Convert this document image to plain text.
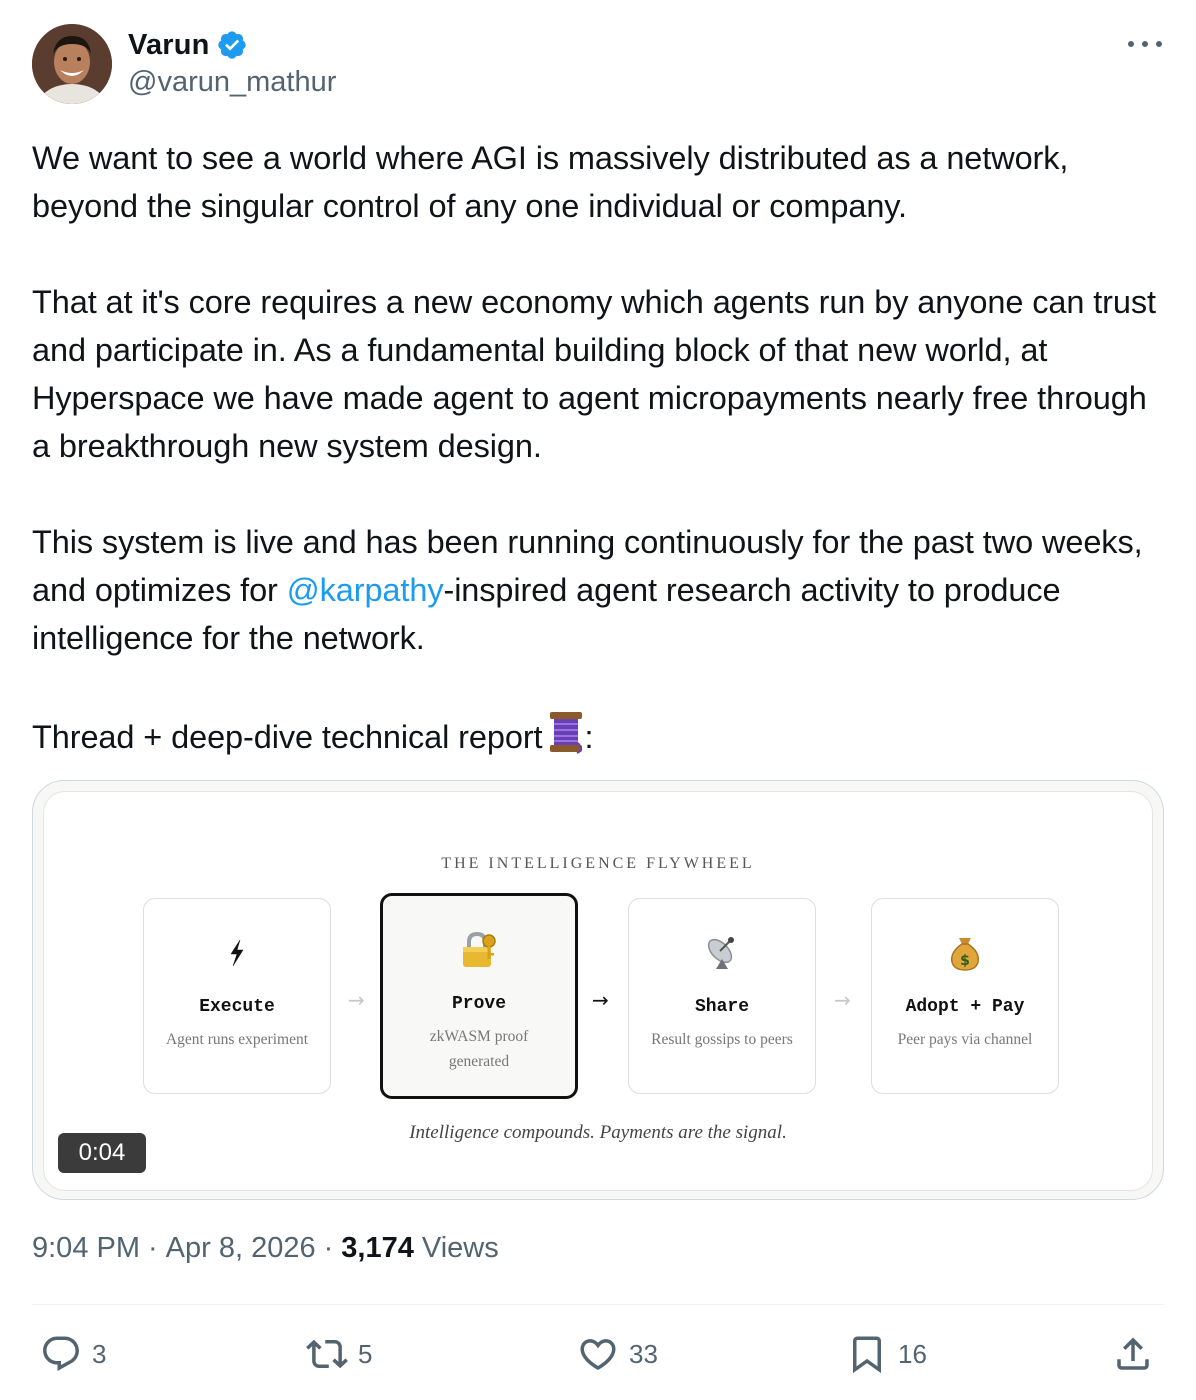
Varun
@varun_mathur

We want to see a world where AGI is massively distributed as a network, beyond the singular control of any one individual or company.

That at it's core requires a new economy which agents run by anyone can trust and participate in. As a fundamental building block of that new world, at Hyperspace we have made agent to agent micropayments nearly free through a breakthrough new system design.

This system is live and has been running continuously for the past two weeks, and optimizes for @karpathy-inspired agent research activity to produce intelligence for the network.

Thread + deep-dive technical report :

THE INTELLIGENCE FLYWHEEL
Execute
Agent runs experiment
→	Prove
zkWASM proof generated
→	Share
Result gossips to peers
→
$
Adopt + Pay
Peer pays via channel
Intelligence compounds. Payments are the signal.
0:04
9:04 PM · Apr 8, 2026 · 3,174 Views
3	5	33	16
